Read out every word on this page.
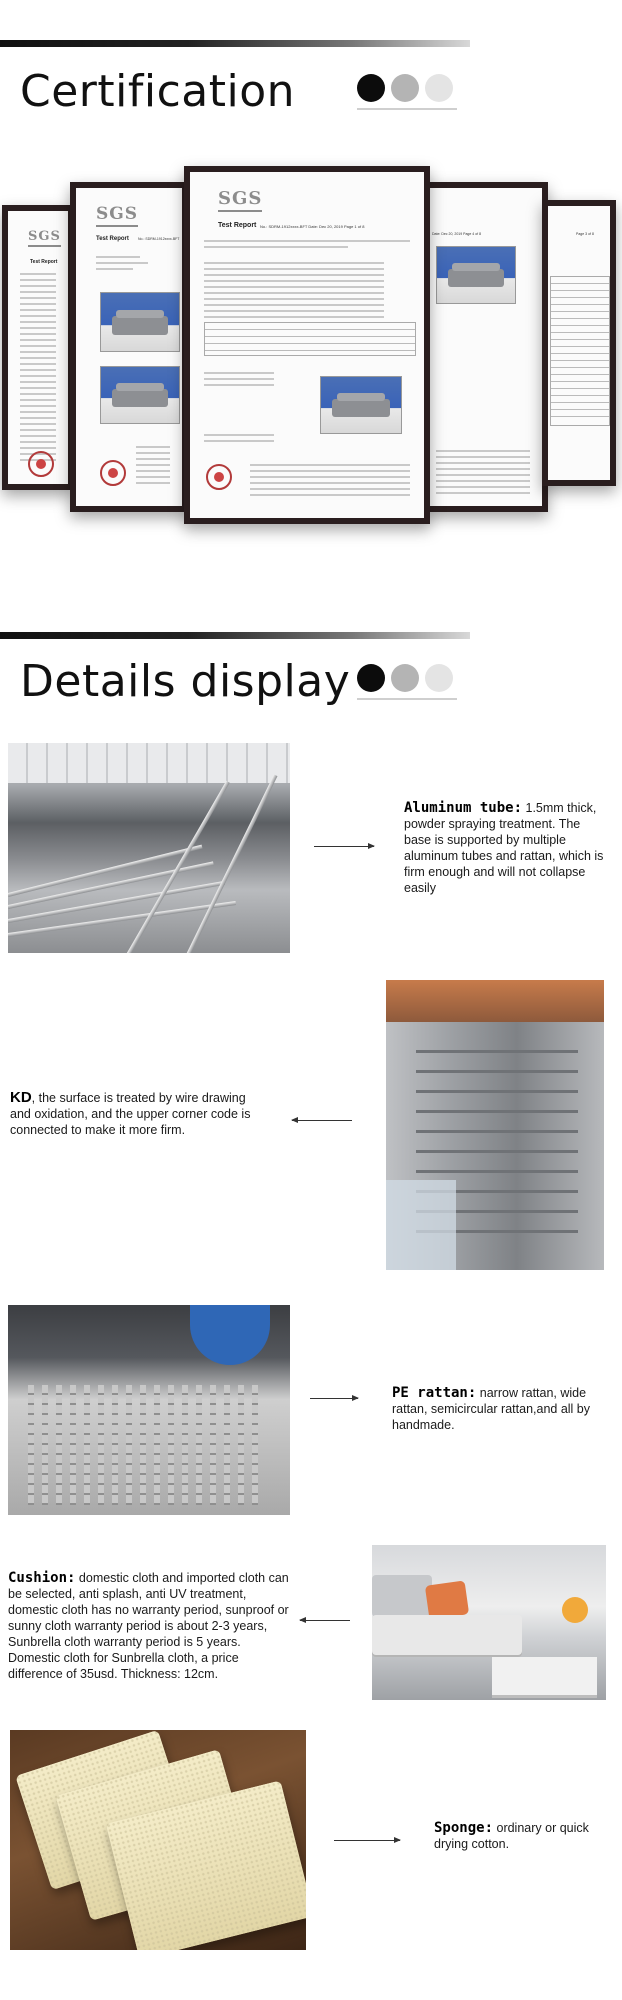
Certification
SGS
Test Report
SGS
Test Report	No.: SDRM-1912xxxx-BFT
Date: Dec 20, 2019 Page 4 of 8	Page 3 of 8
SGS
Test Report No.: SDRM-1912xxxx-BFT Date: Dec 20, 2019 Page 1 of 8
Details display

Aluminum tube: 1.5mm thick, powder spraying treatment. The base is supported by multiple aluminum tubes and rattan, which is firm enough and will not collapse easily

KD, the surface is treated by wire drawing and oxidation, and the upper corner code is connected to make it more firm.

PE rattan: narrow rattan, wide rattan, semicircular rattan,and all by handmade.

Cushion: domestic cloth and imported cloth can be selected, anti splash, anti UV treatment, domestic cloth has no warranty period, sunproof or sunny cloth warranty period is about 2-3 years, Sunbrella cloth warranty period is 5 years. Domestic cloth for Sunbrella cloth, a price difference of 35usd. Thickness: 12cm.

Sponge: ordinary or quick drying cotton.
